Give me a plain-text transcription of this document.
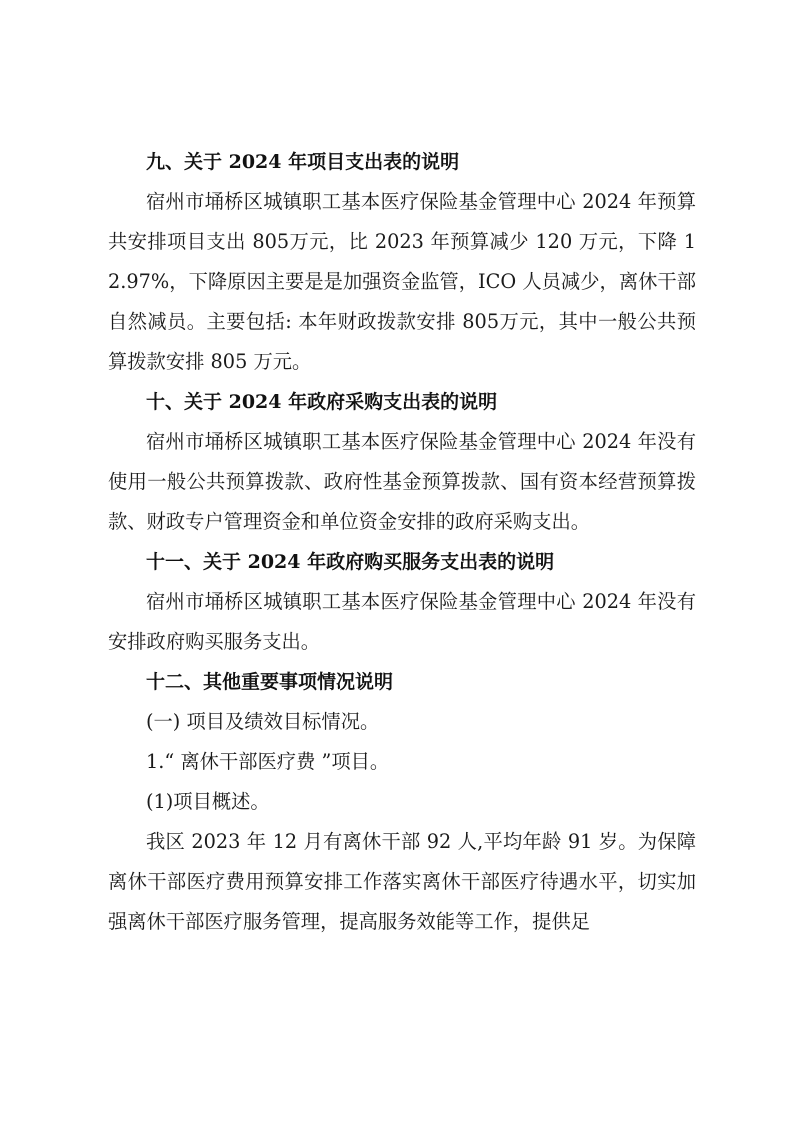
九、关于 2024 年项目支出表的说明

宿州市埇桥区城镇职工基本医疗保险基金管理中心 2024 年预算共安排项目支出 805万元，比 2023 年预算减少 120 万元，下降 12.97%，下降原因主要是是加强资金监管，ICO 人员减少，离休干部自然减员。主要包括: 本年财政拨款安排 805万元，其中一般公共预算拨款安排 805 万元。

十、关于 2024 年政府采购支出表的说明

宿州市埇桥区城镇职工基本医疗保险基金管理中心 2024 年没有使用一般公共预算拨款、政府性基金预算拨款、国有资本经营预算拨款、财政专户管理资金和单位资金安排的政府采购支出。

十一、关于 2024 年政府购买服务支出表的说明

宿州市埇桥区城镇职工基本医疗保险基金管理中心 2024 年没有安排政府购买服务支出。

十二、其他重要事项情况说明

(一) 项目及绩效目标情况。

1.“ 离休干部医疗费 ”项目。

(1)项目概述。

我区 2023 年 12 月有离休干部 92 人,平均年龄 91 岁。为保障离休干部医疗费用预算安排工作落实离休干部医疗待遇水平，切实加强离休干部医疗服务管理，提高服务效能等工作，提供足
